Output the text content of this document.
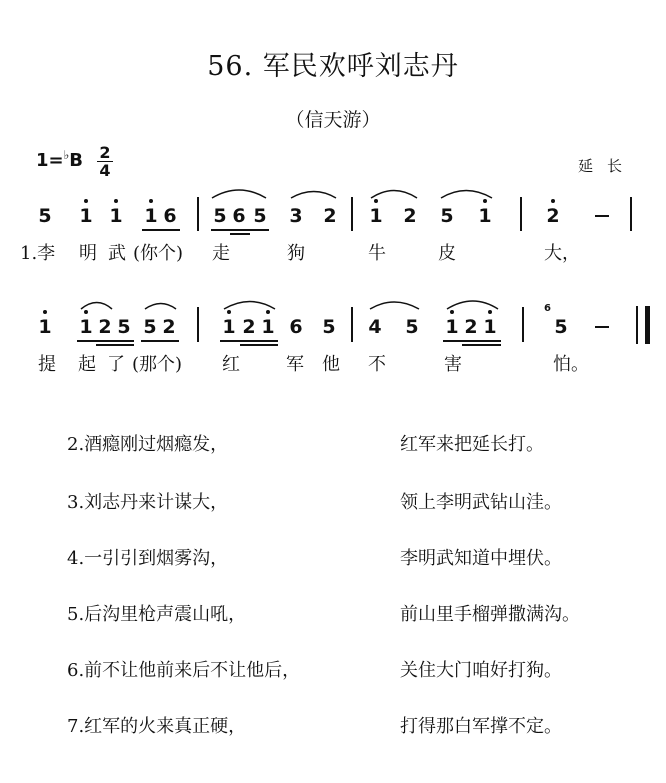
56. 军民欢呼刘志丹
（信天游）
1=♭B 2
4	延长
5 1 1 1 6 5 6 5 3 2 1 2 5 1	2
1.李 明 武 (你个) 走	狗	牛	皮	大，
1 1 2 5 5 2 1 2 1 6 5 4 5 1 2 1	5
6
提 起 了 (那个) 红	军 他 不	害	怕。
2.酒瘾刚过烟瘾发，	红军来把延长打。
3.刘志丹来计谋大，	领上李明武钻山洼。
4.一引引到烟雾沟，	李明武知道中埋伏。
5.后沟里枪声震山吼，	前山里手榴弹撒满沟。
6.前不让他前来后不让他后，	关住大门咱好打狗。
7.红军的火来真正硬，	打得那白军撑不定。
